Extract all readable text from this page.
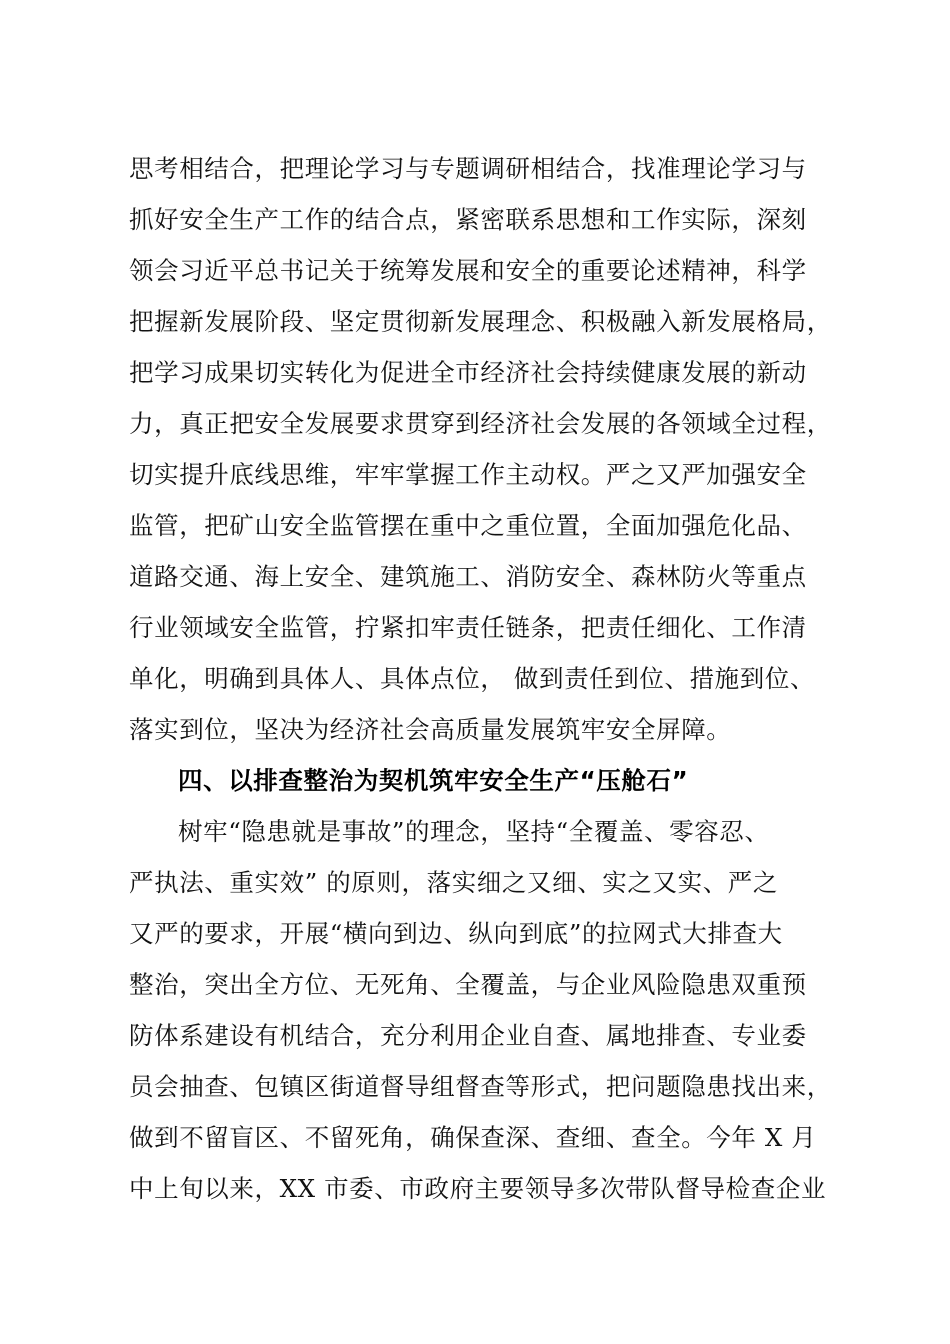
思考相结合，把理论学习与专题调研相结合，找准理论学习与
抓好安全生产工作的结合点，紧密联系思想和工作实际，深刻
领会习近平总书记关于统筹发展和安全的重要论述精神，科学
把握新发展阶段、坚定贯彻新发展理念、积极融入新发展格局，
把学习成果切实转化为促进全市经济社会持续健康发展的新动
力，真正把安全发展要求贯穿到经济社会发展的各领域全过程，
切实提升底线思维，牢牢掌握工作主动权。严之又严加强安全
监管，把矿山安全监管摆在重中之重位置，全面加强危化品、
道路交通、海上安全、建筑施工、消防安全、森林防火等重点
行业领域安全监管，拧紧扣牢责任链条，把责任细化、工作清
单化，明确到具体人、具体点位， 做到责任到位、措施到位、
落实到位，坚决为经济社会高质量发展筑牢安全屏障。
四、以排查整治为契机筑牢安全生产“压舱石”
树牢“隐患就是事故”的理念，坚持“全覆盖、零容忍、
严执法、重实效” 的原则，落实细之又细、实之又实、严之
又严的要求，开展“横向到边、纵向到底”的拉网式大排查大
整治，突出全方位、无死角、全覆盖，与企业风险隐患双重预
防体系建设有机结合，充分利用企业自查、属地排查、专业委
员会抽查、包镇区街道督导组督查等形式，把问题隐患找出来，
做到不留盲区、不留死角，确保查深、查细、查全。今年 X 月
中上旬以来，XX 市委、市政府主要领导多次带队督导检查企业
